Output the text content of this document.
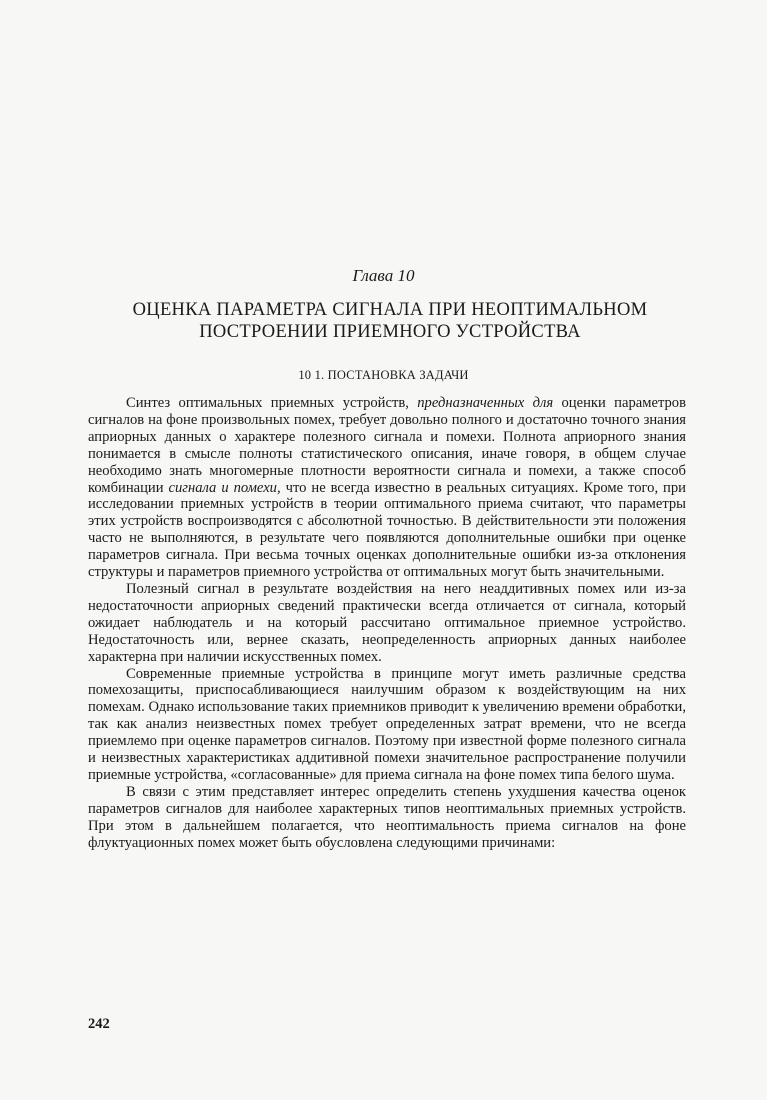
Глава 10
ОЦЕНКА ПАРАМЕТРА СИГНАЛА ПРИ НЕОПТИМАЛЬНОМ ПОСТРОЕНИИ ПРИЕМНОГО УСТРОЙСТВА
10 1. ПОСТАНОВКА ЗАДАЧИ

Синтез оптимальных приемных устройств, предназначенных для оценки параметров сигналов на фоне произвольных помех, требует довольно полного и достаточно точного знания априорных данных о характере полезного сигнала и помехи. Полнота априорного знания понимается в смысле полноты статистического описания, иначе говоря, в общем случае необходимо знать многомерные плотности вероятности сигнала и помехи, а также способ комбинации сигнала и помехи, что не всегда известно в реальных ситуациях. Кроме того, при исследовании приемных устройств в теории оптимального приема считают, что параметры этих устройств воспроизводятся с абсолютной точностью. В действительности эти положения часто не выполняются, в результате чего появляются дополнительные ошибки при оценке параметров сигнала. При весьма точных оценках дополнительные ошибки из-за отклонения структуры и параметров приемного устройства от оптимальных могут быть значительными.

Полезный сигнал в результате воздействия на него неаддитивных помех или из-за недостаточности априорных сведений практически всегда отличается от сигнала, который ожидает наблюдатель и на который рассчитано оптимальное приемное устройство. Недостаточность или, вернее сказать, неопределенность априорных данных наиболее характерна при наличии искусственных помех.

Современные приемные устройства в принципе могут иметь различные средства помехозащиты, приспосабливающиеся наилучшим образом к воздействующим на них помехам. Однако использование таких приемников приводит к увеличению времени обработки, так как анализ неизвестных помех требует определенных затрат времени, что не всегда приемлемо при оценке параметров сигналов. Поэтому при известной форме полезного сигнала и неизвестных характеристиках аддитивной помехи значительное распространение получили приемные устройства, «согласованные» для приема сигнала на фоне помех типа белого шума.

В связи с этим представляет интерес определить степень ухудшения качества оценок параметров сигналов для наиболее характерных типов неоптимальных приемных устройств. При этом в дальнейшем полагается, что неоптимальность приема сигналов на фоне флуктуационных помех может быть обусловлена следующими причинами:

242
